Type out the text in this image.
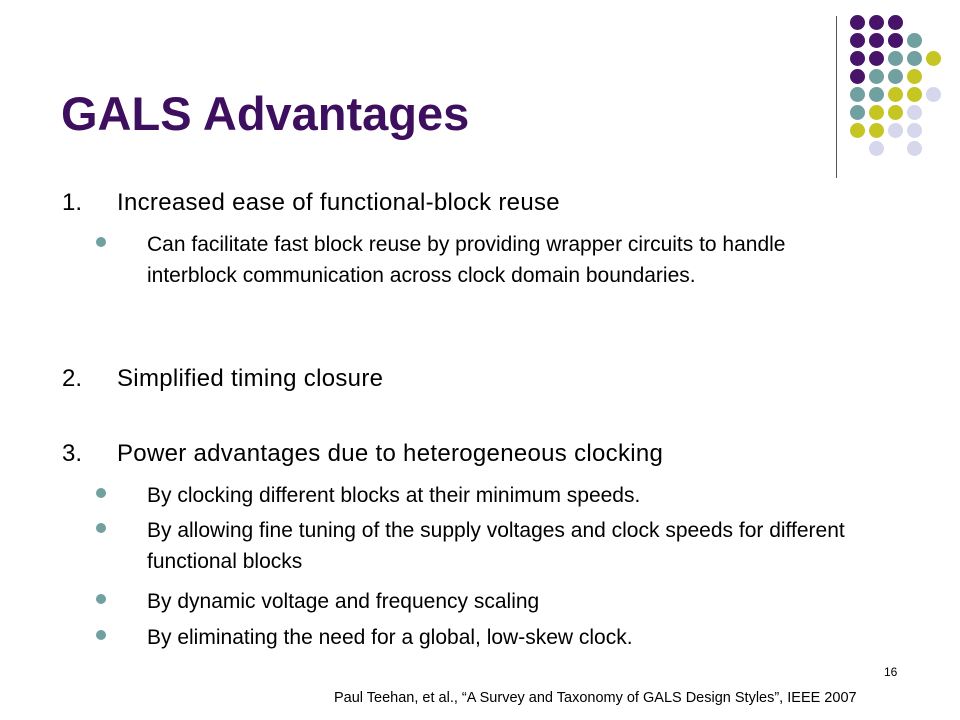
GALS Advantages
1. Increased ease of functional-block reuse
Can facilitate fast block reuse by providing wrapper circuits to handle interblock communication across clock domain boundaries.
2. Simplified timing closure
3. Power advantages due to heterogeneous clocking
By clocking different blocks at their minimum speeds.
By allowing fine tuning of the supply voltages and clock speeds for different functional blocks
By dynamic voltage and frequency scaling
By eliminating the need for a global, low-skew clock.
16
Paul Teehan, et al., “A Survey and Taxonomy of GALS Design Styles”, IEEE 2007
